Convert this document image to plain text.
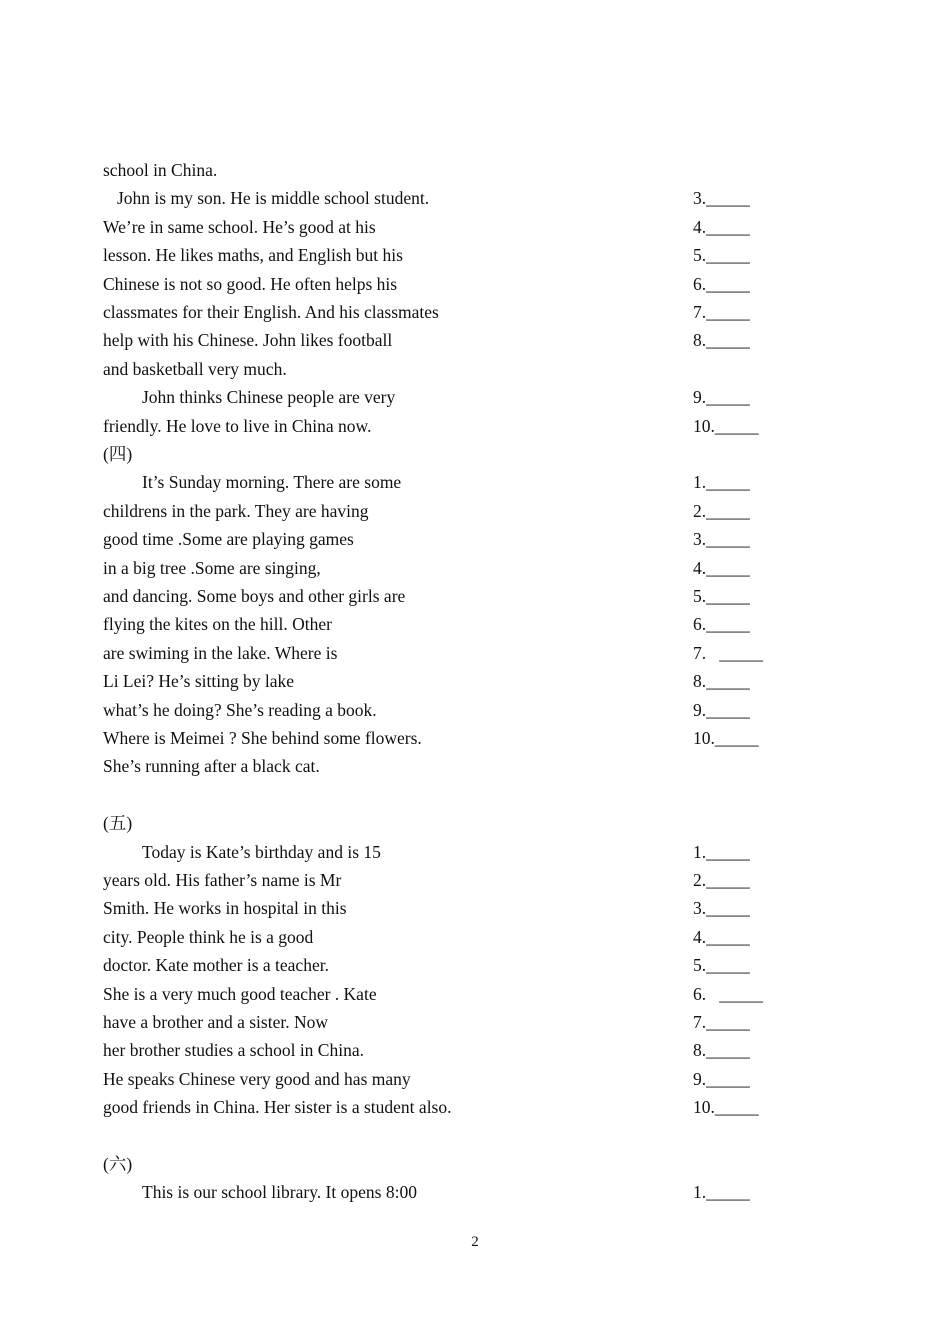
school in China.
John is my son. He is middle school student.	3._____
We’re in same school. He’s good at his	4._____
lesson. He likes maths, and English but his	5._____
Chinese is not so good. He often helps his	6._____
classmates for their English. And his classmates	7._____
help with his Chinese. John likes football	8._____
and basketball very much.
John thinks Chinese people are very	9._____
friendly. He love to live in China now.	10._____
(四)
It’s Sunday morning. There are some	1._____
childrens in the park. They are having	2._____
good time .Some are playing games	3._____
in a big tree .Some are singing,	4._____
and dancing. Some boys and other girls are	5._____
flying the kites on the hill. Other	6._____
are swiming in the lake. Where is	7.   _____
Li Lei? He’s sitting by lake	8._____
what’s he doing? She’s reading a book.	9._____
Where is Meimei ? She behind some flowers.	10._____
She’s running after a black cat.
(五)
Today is Kate’s birthday and is 15	1._____
years old. His father’s name is Mr	2._____
Smith. He works in hospital in this	3._____
city. People think he is a good	4._____
doctor. Kate mother is a teacher.	5._____
She is a very much good teacher . Kate	6.   _____
have a brother and a sister. Now	7._____
her brother studies a school in China.	8._____
He speaks Chinese very good and has many	9._____
good friends in China. Her sister is a student also.	10._____
(六)
This is our school library. It opens 8:00	1._____
2
